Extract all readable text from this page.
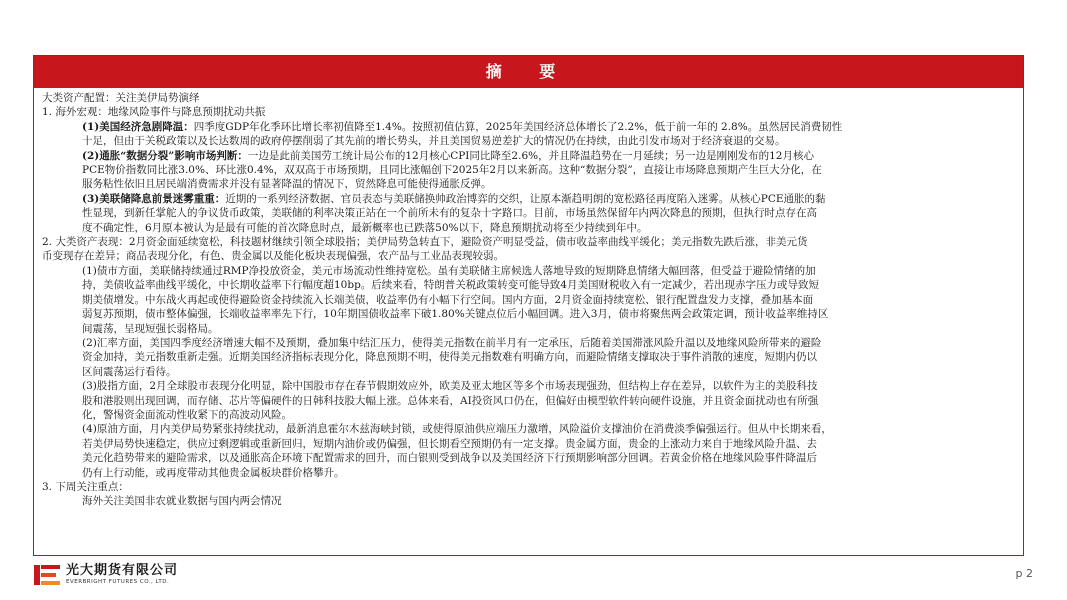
摘 要
大类资产配置：关注美伊局势演绎
1. 海外宏观：地缘风险事件与降息预期扰动共振
(1)美国经济急剧降温：四季度GDP年化季环比增长率初值降至1.4%。按照初值估算，2025年美国经济总体增长了2.2%，低于前一年的 2.8%。虽然居民消费韧性
十足，但由于关税政策以及长达数周的政府停摆削弱了其先前的增长势头，并且美国贸易逆差扩大的情况仍在持续，由此引发市场对于经济衰退的交易。
(2)通胀“数据分裂”影响市场判断：一边是此前美国劳工统计局公布的12月核心CPI同比降至2.6%，并且降温趋势在一月延续；另一边是刚刚发布的12月核心
PCE物价指数同比涨3.0%、环比涨0.4%，双双高于市场预期，且同比涨幅创下2025年2月以来新高。这种“数据分裂”，直接让市场降息预期产生巨大分化，在
服务粘性依旧且居民端消费需求并没有显著降温的情况下，贸然降息可能使得通胀反弹。
(3)美联储降息前景迷雾重重：近期的一系列经济数据、官员表态与美联储换帅政治博弈的交织，让原本渐趋明朗的宽松路径再度陷入迷雾。从核心PCE通胀的黏
性显现，到新任掌舵人的争议货币政策，美联储的利率决策正站在一个前所未有的复杂十字路口。目前，市场虽然保留年内两次降息的预期，但执行时点存在高
度不确定性，6月原本被认为是最有可能的首次降息时点，最新概率也已跌落50%以下，降息预期扰动将至少持续到年中。
2. 大类资产表现：2月资金面延续宽松，科技题材继续引领全球股指；美伊局势急转直下，避险资产明显受益，债市收益率曲线平缓化；美元指数先跌后涨，非美元货
币变现存在差异；商品表现分化，有色、贵金属以及能化板块表现偏强，农产品与工业品表现较弱。
(1)债市方面，美联储持续通过RMP净投放资金，美元市场流动性维持宽松。虽有美联储主席候选人落地导致的短期降息情绪大幅回落，但受益于避险情绪的加
持，美债收益率曲线平缓化，中长期收益率下行幅度超10bp。后续来看，特朗普关税政策转变可能导致4月美国财税收入有一定减少，若出现赤字压力或导致短
期美债增发。中东战火再起或使得避险资金持续流入长端美债，收益率仍有小幅下行空间。国内方面，2月资金面持续宽松、银行配置盘发力支撑，叠加基本面
弱复苏预期，债市整体偏强，长端收益率率先下行，10年期国债收益率下破1.80%关键点位后小幅回调。进入3月，债市将聚焦两会政策定调，预计收益率维持区
间震荡，呈现短强长弱格局。
(2)汇率方面，美国四季度经济增速大幅不及预期，叠加集中结汇压力，使得美元指数在前半月有一定承压，后随着美国滞涨风险升温以及地缘风险所带来的避险
资金加持，美元指数重新走强。近期美国经济指标表现分化，降息预期不明，使得美元指数难有明确方向，而避险情绪支撑取决于事件消散的速度，短期内仍以
区间震荡运行看待。
(3)股指方面，2月全球股市表现分化明显，除中国股市存在春节假期效应外，欧美及亚太地区等多个市场表现强劲，但结构上存在差异，以软件为主的美股科技
股和港股则出现回调，而存储、芯片等偏硬件的日韩科技股大幅上涨。总体来看，AI投资风口仍在，但偏好由模型软件转向硬件设施，并且资金面扰动也有所强
化，警惕资金面流动性收紧下的高波动风险。
(4)原油方面，月内美伊局势紧张持续扰动，最新消息霍尔木兹海峡封锁，或使得原油供应端压力激增，风险溢价支撑油价在消费淡季偏强运行。但从中长期来看，
若美伊局势快速稳定，供应过剩逻辑或重新回归，短期内油价或仍偏强，但长期看空预期仍有一定支撑。贵金属方面，贵金的上涨动力来自于地缘风险升温、去
美元化趋势带来的避险需求，以及通胀高企环境下配置需求的回升，而白银则受到战争以及美国经济下行预期影响部分回调。若黄金价格在地缘风险事件降温后
仍有上行动能，或再度带动其他贵金属板块群价格攀升。
3. 下周关注重点：
海外关注美国非农就业数据与国内两会情况
光大期货有限公司
EVERBRIGHT FUTURES CO., LTD.
p 2
